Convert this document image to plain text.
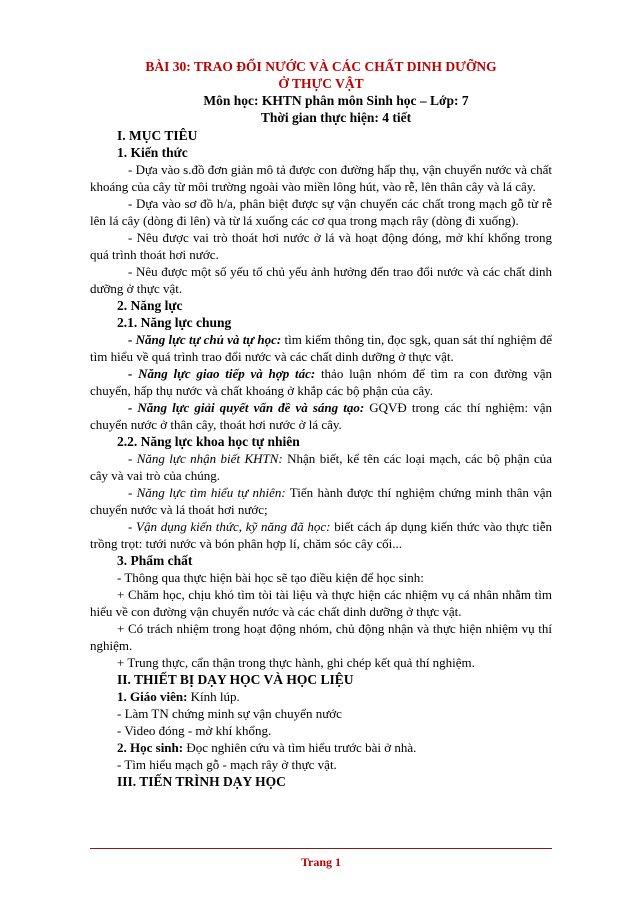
BÀI 30: TRAO ĐỔI NƯỚC VÀ CÁC CHẤT DINH DƯỠNG

Ở THỰC VẬT

Môn học: KHTN phân môn Sinh học – Lớp: 7

Thời gian thực hiện: 4 tiết

I. MỤC TIÊU

1. Kiến thức

- Dựa vào s.đồ đơn giản mô tả được con đường hấp thụ, vận chuyển nước và chất khoáng của cây từ môi trường ngoài vào miền lông hút, vào rễ, lên thân cây và lá cây.

- Dựa vào sơ đồ h/a, phân biệt được sự vận chuyển các chất trong mạch gỗ từ rễ lên lá cây (dòng đi lên) và từ lá xuống các cơ qua trong mạch rây (dòng đi xuống).

- Nêu được vai trò thoát hơi nước ở lá và hoạt động đóng, mở khí khổng trong quá trình thoát hơi nước.

- Nêu được một số yếu tố chủ yếu ảnh hưởng đến trao đổi nước và các chất dinh dưỡng ở thực vật.

2. Năng lực

2.1. Năng lực chung

- Năng lực tự chủ và tự học: tìm kiếm thông tin, đọc sgk, quan sát thí nghiệm để tìm hiểu về quá trình trao đổi nước và các chất dinh dưỡng ở thực vật.

- Năng lực giao tiếp và hợp tác: thảo luận nhóm để tìm ra con đường vận chuyển, hấp thụ nước và chất khoáng ở khắp các bộ phận của cây.

- Năng lực giải quyết vấn đề và sáng tạo: GQVĐ trong các thí nghiệm: vận chuyển nước ở thân cây, thoát hơi nước ở lá cây.

2.2. Năng lực khoa học tự nhiên

- Năng lực nhận biết KHTN: Nhận biết, kể tên các loại mạch, các bộ phận của cây và vai trò của chúng.

- Năng lực tìm hiểu tự nhiên: Tiến hành được thí nghiệm chứng minh thân vận chuyển nước và lá thoát hơi nước;

- Vận dụng kiến thức, kỹ năng đã học: biết cách áp dụng kiến thức vào thực tiễn trồng trọt: tưới nước và bón phân hợp lí, chăm sóc cây cối...

3. Phẩm chất

- Thông qua thực hiện bài học sẽ tạo điều kiện để học sinh:

+ Chăm học, chịu khó tìm tòi tài liệu và thực hiện các nhiệm vụ cá nhân nhằm tìm hiểu về con đường vận chuyển nước và các chất dinh dưỡng ở thực vật.

+ Có trách nhiệm trong hoạt động nhóm, chủ động nhận và thực hiện nhiệm vụ thí nghiệm.

+ Trung thực, cẩn thận trong thực hành, ghi chép kết quả thí nghiệm.

II. THIẾT BỊ DẠY HỌC VÀ HỌC LIỆU

1. Giáo viên: Kính lúp.

- Làm TN chứng minh sự vận chuyển nước

- Video đóng - mở khí khổng.

2. Học sinh: Đọc nghiên cứu và tìm hiểu trước bài ở nhà.

- Tìm hiểu mạch gỗ - mạch rây ở thực vật.

III. TIẾN TRÌNH DẠY HỌC

Trang 1
